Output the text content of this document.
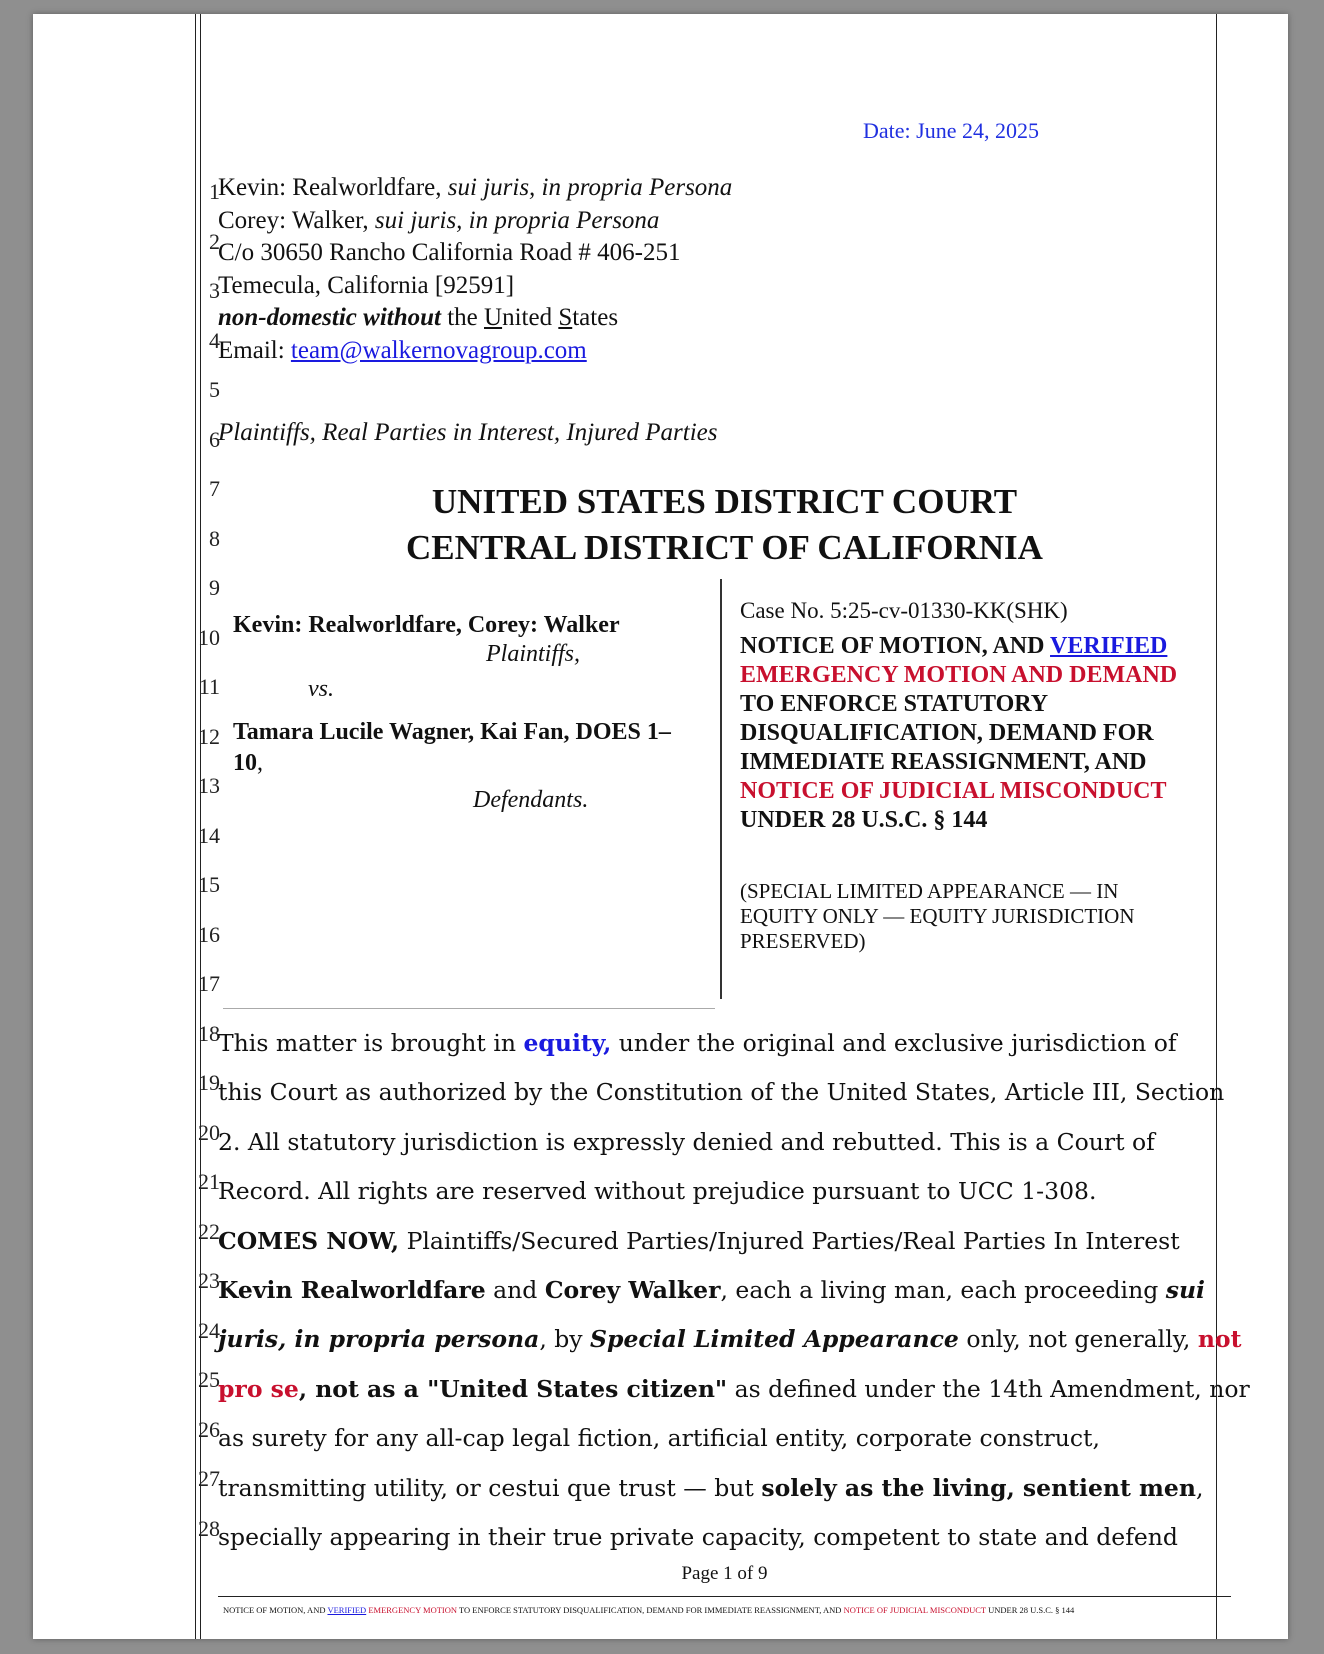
1
2
3
4
5
6
7
8
9
10
11
12
13
14
15
16
17
18
19
20
21
22
23
24
25
26
27
28
Date: June 24, 2025
Kevin: Realworldfare, sui juris, in propria Persona
Corey: Walker, sui juris, in propria Persona
C/o 30650 Rancho California Road # 406-251
Temecula, California [92591]
non-domestic without the United States
Email: team@walkernovagroup.com
Plaintiffs, Real Parties in Interest, Injured Parties
UNITED STATES DISTRICT COURT
CENTRAL DISTRICT OF CALIFORNIA
Kevin: Realworldfare, Corey: Walker
Plaintiffs,
vs.
Tamara Lucile Wagner, Kai Fan, DOES 1–10,
Defendants.
Case No. 5:25-cv-01330-KK(SHK)
NOTICE OF MOTION, AND VERIFIED EMERGENCY MOTION AND DEMAND TO ENFORCE STATUTORY DISQUALIFICATION, DEMAND FOR IMMEDIATE REASSIGNMENT, AND NOTICE OF JUDICIAL MISCONDUCT UNDER 28 U.S.C. § 144
(SPECIAL LIMITED APPEARANCE — IN EQUITY ONLY — EQUITY JURISDICTION PRESERVED)
This matter is brought in equity, under the original and exclusive jurisdiction of
this Court as authorized by the Constitution of the United States, Article III, Section
2. All statutory jurisdiction is expressly denied and rebutted. This is a Court of
Record. All rights are reserved without prejudice pursuant to UCC 1-308.
COMES NOW, Plaintiffs/Secured Parties/Injured Parties/Real Parties In Interest
Kevin Realworldfare and Corey Walker, each a living man, each proceeding sui
juris, in propria persona, by Special Limited Appearance only, not generally, not
pro se, not as a "United States citizen" as defined under the 14th Amendment, nor
as surety for any all-cap legal fiction, artificial entity, corporate construct,
transmitting utility, or cestui que trust — but solely as the living, sentient men,
specially appearing in their true private capacity, competent to state and defend
Page 1 of 9
NOTICE OF MOTION, AND VERIFIED EMERGENCY MOTION TO ENFORCE STATUTORY DISQUALIFICATION, DEMAND FOR IMMEDIATE REASSIGNMENT, AND NOTICE OF JUDICIAL MISCONDUCT UNDER 28 U.S.C. § 144
